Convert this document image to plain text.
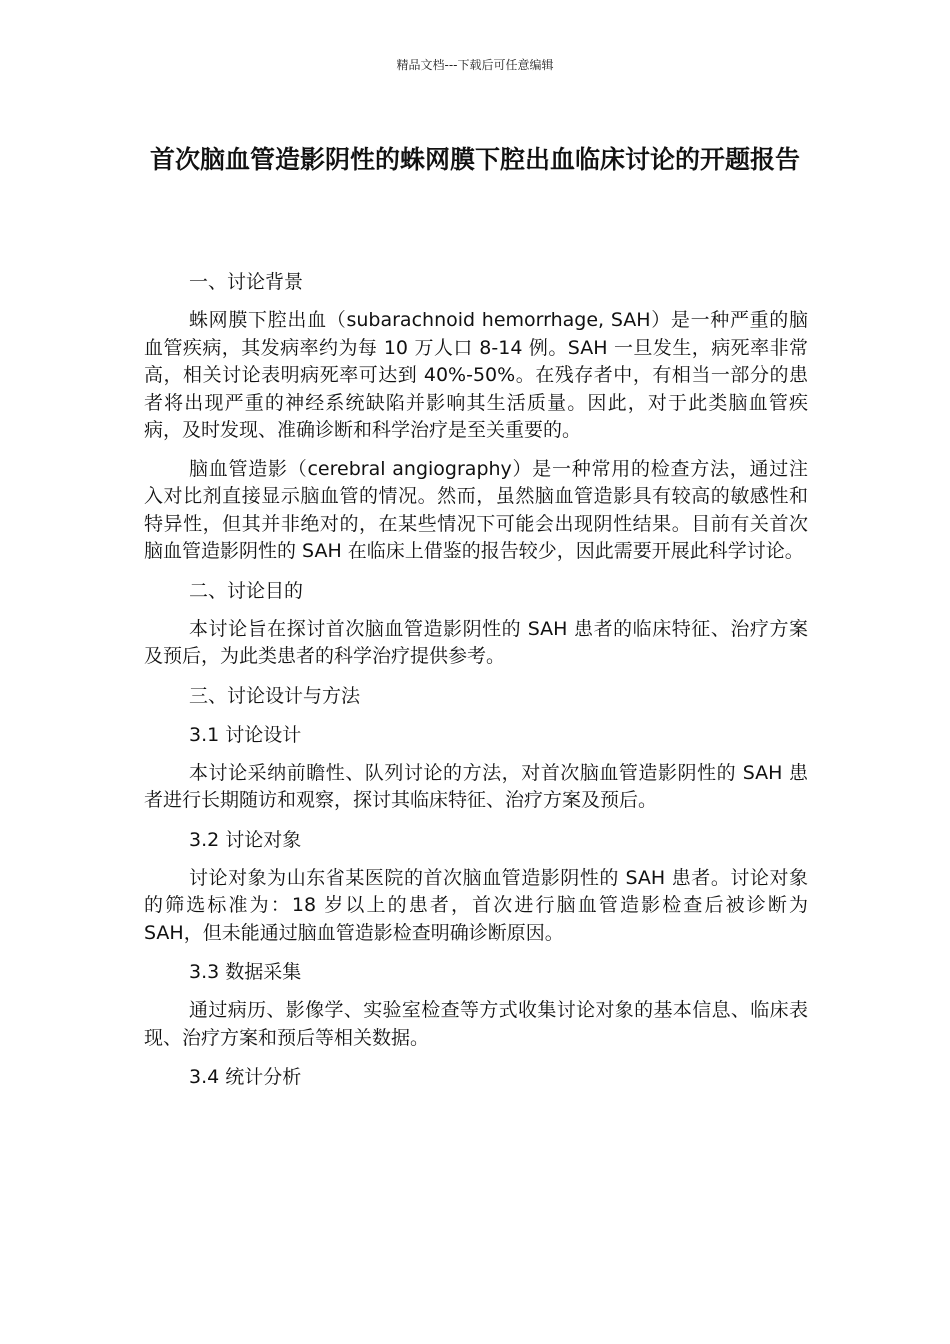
精品文档---下载后可任意编辑
首次脑血管造影阴性的蛛网膜下腔出血临床讨论的开题报告

一、讨论背景

蛛网膜下腔出血（subarachnoid hemorrhage, SAH）是一种严重的脑血管疾病，其发病率约为每 10 万人口 8-14 例。SAH 一旦发生，病死率非常高，相关讨论表明病死率可达到 40%-50%。在残存者中，有相当一部分的患者将出现严重的神经系统缺陷并影响其生活质量。因此，对于此类脑血管疾病，及时发现、准确诊断和科学治疗是至关重要的。

脑血管造影（cerebral angiography）是一种常用的检查方法，通过注入对比剂直接显示脑血管的情况。然而，虽然脑血管造影具有较高的敏感性和特异性，但其并非绝对的，在某些情况下可能会出现阴性结果。目前有关首次脑血管造影阴性的 SAH 在临床上借鉴的报告较少，因此需要开展此科学讨论。

二、讨论目的

本讨论旨在探讨首次脑血管造影阴性的 SAH 患者的临床特征、治疗方案及预后，为此类患者的科学治疗提供参考。

三、讨论设计与方法

3.1 讨论设计

本讨论采纳前瞻性、队列讨论的方法，对首次脑血管造影阴性的 SAH 患者进行长期随访和观察，探讨其临床特征、治疗方案及预后。

3.2 讨论对象

讨论对象为山东省某医院的首次脑血管造影阴性的 SAH 患者。讨论对象的筛选标准为：18 岁以上的患者，首次进行脑血管造影检查后被诊断为 SAH，但未能通过脑血管造影检查明确诊断原因。

3.3 数据采集

通过病历、影像学、实验室检查等方式收集讨论对象的基本信息、临床表现、治疗方案和预后等相关数据。

3.4 统计分析
